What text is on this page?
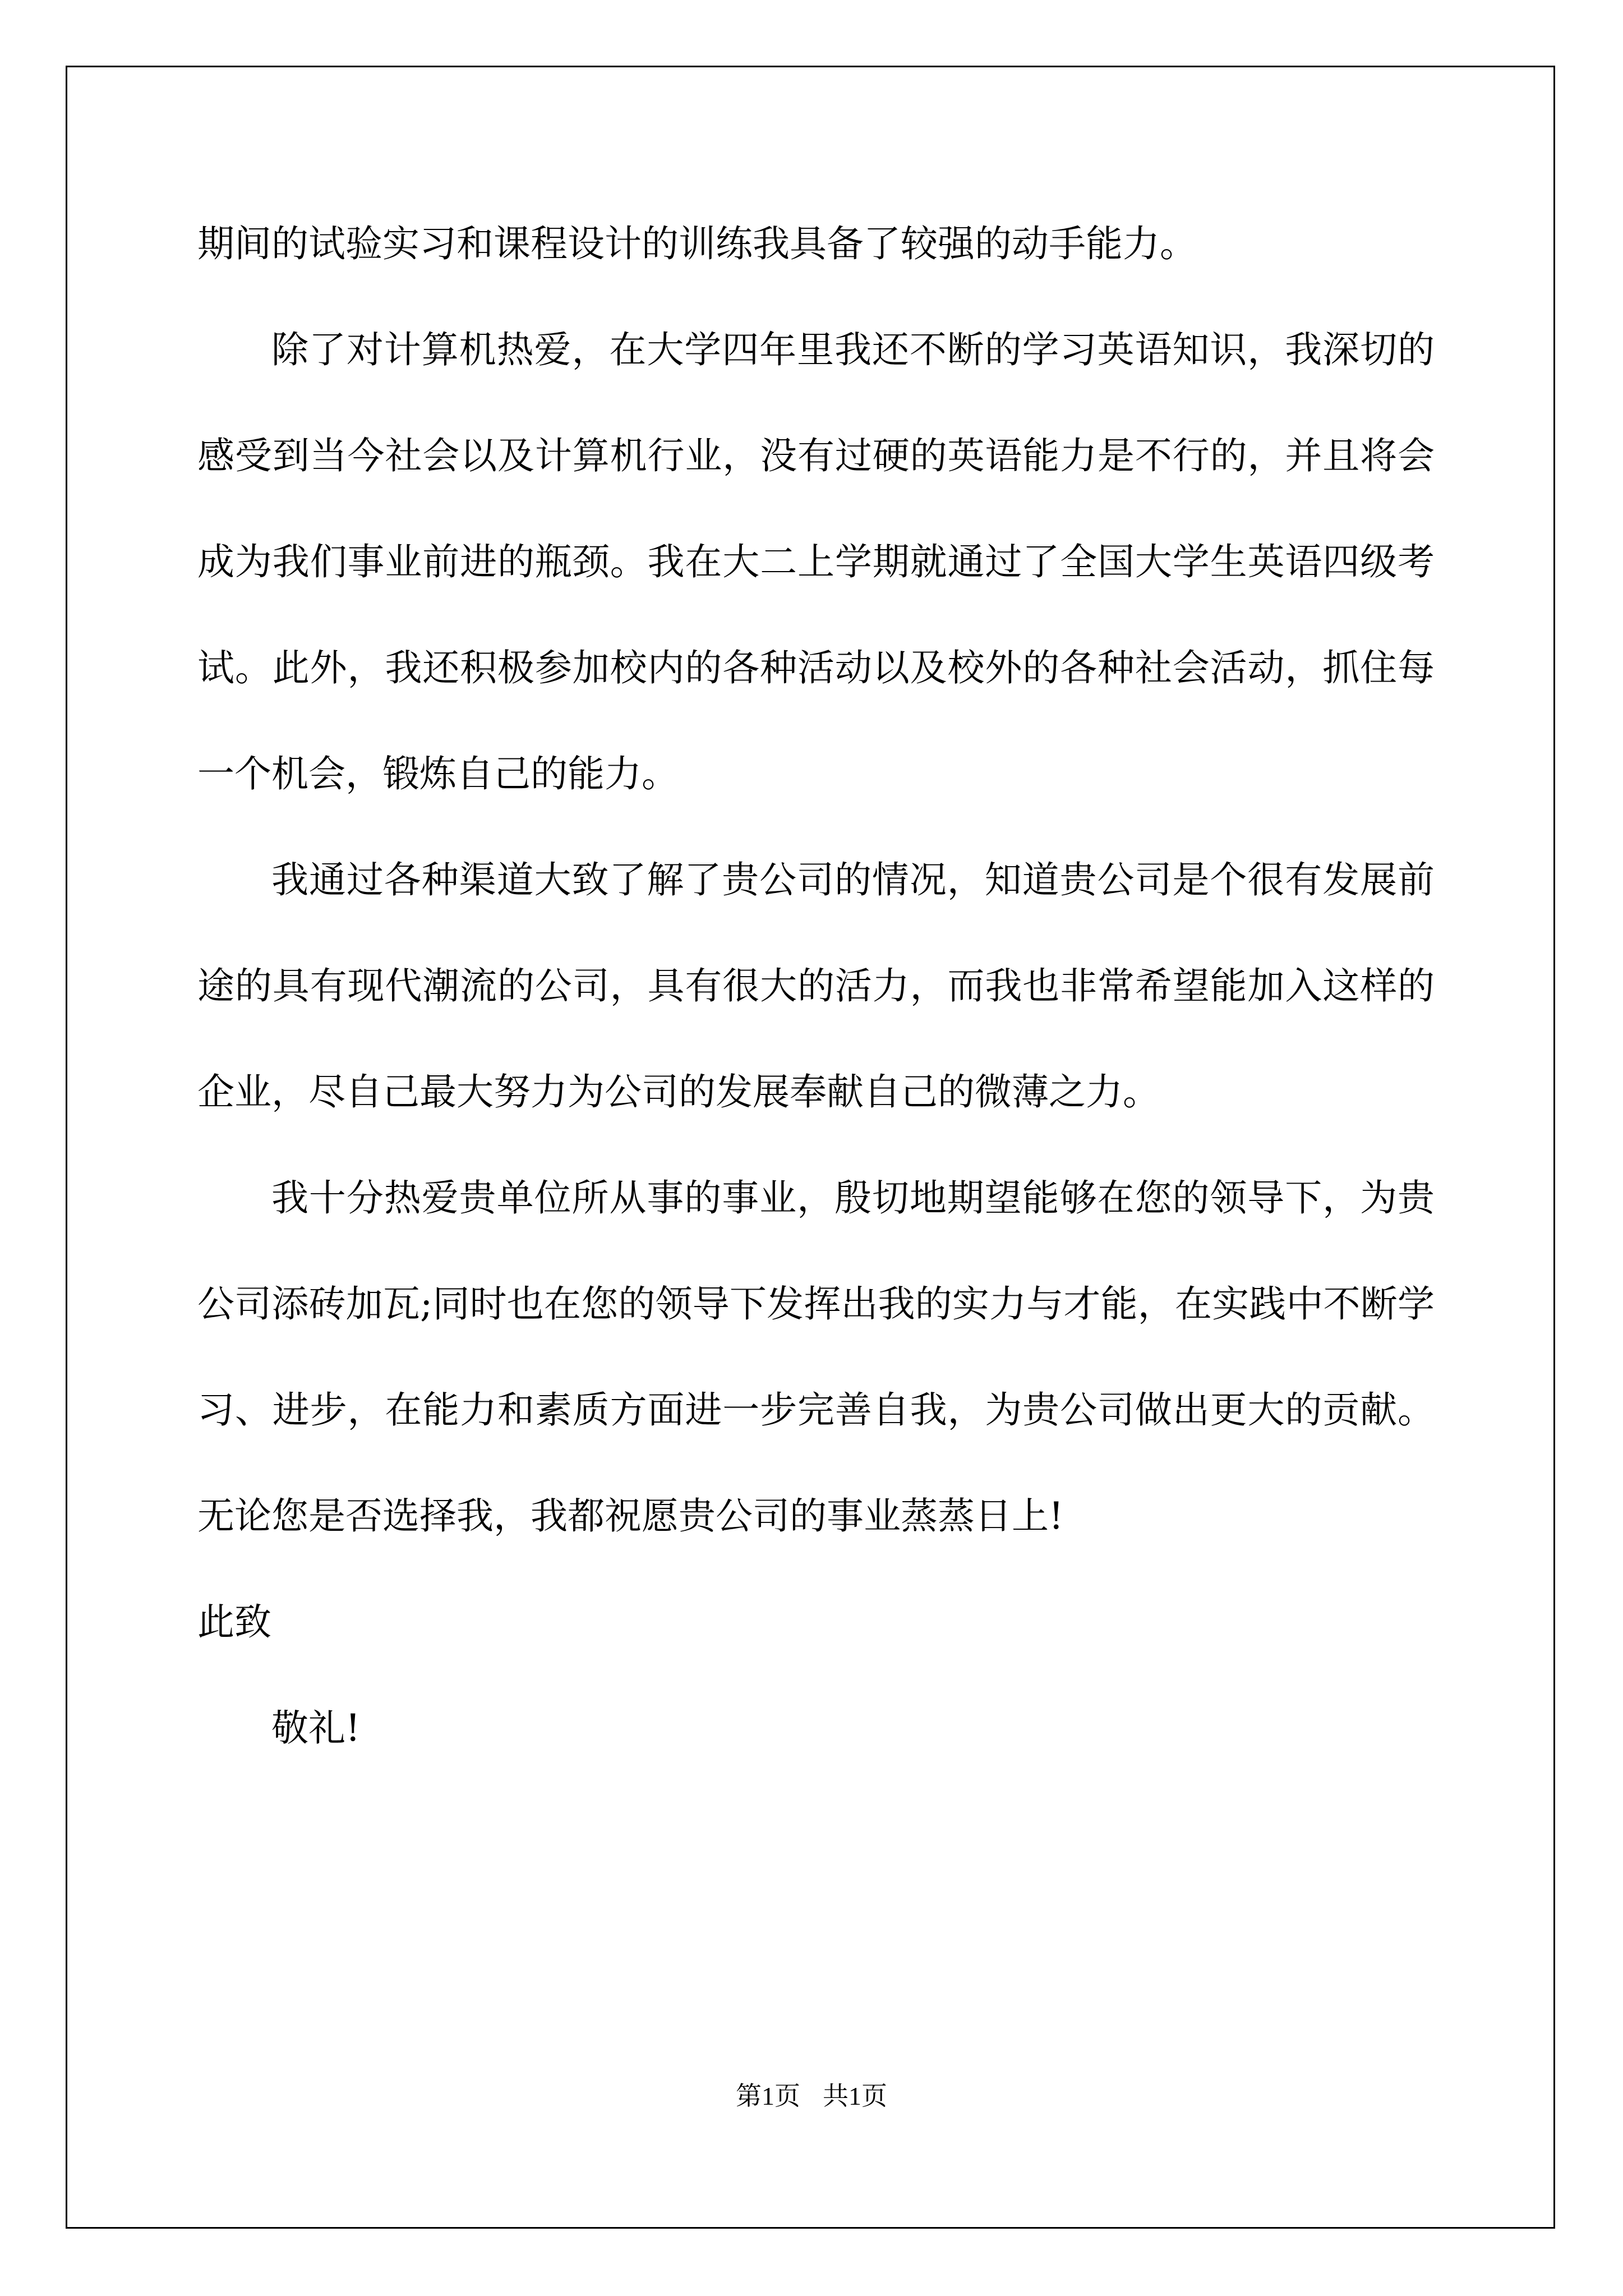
期间的试验实习和课程设计的训练我具备了较强的动手能力。

除了对计算机热爱，在大学四年里我还不断的学习英语知识，我深切的感受到当今社会以及计算机行业，没有过硬的英语能力是不行的，并且将会成为我们事业前进的瓶颈。我在大二上学期就通过了全国大学生英语四级考试。此外，我还积极参加校内的各种活动以及校外的各种社会活动，抓住每一个机会，锻炼自己的能力。

我通过各种渠道大致了解了贵公司的情况，知道贵公司是个很有发展前途的具有现代潮流的公司，具有很大的活力，而我也非常希望能加入这样的企业，尽自己最大努力为公司的发展奉献自己的微薄之力。

我十分热爱贵单位所从事的事业，殷切地期望能够在您的领导下，为贵公司添砖加瓦;同时也在您的领导下发挥出我的实力与才能，在实践中不断学习、进步，在能力和素质方面进一步完善自我，为贵公司做出更大的贡献。无论您是否选择我，我都祝愿贵公司的事业蒸蒸日上!

此致

敬礼!

第1页 共1页
